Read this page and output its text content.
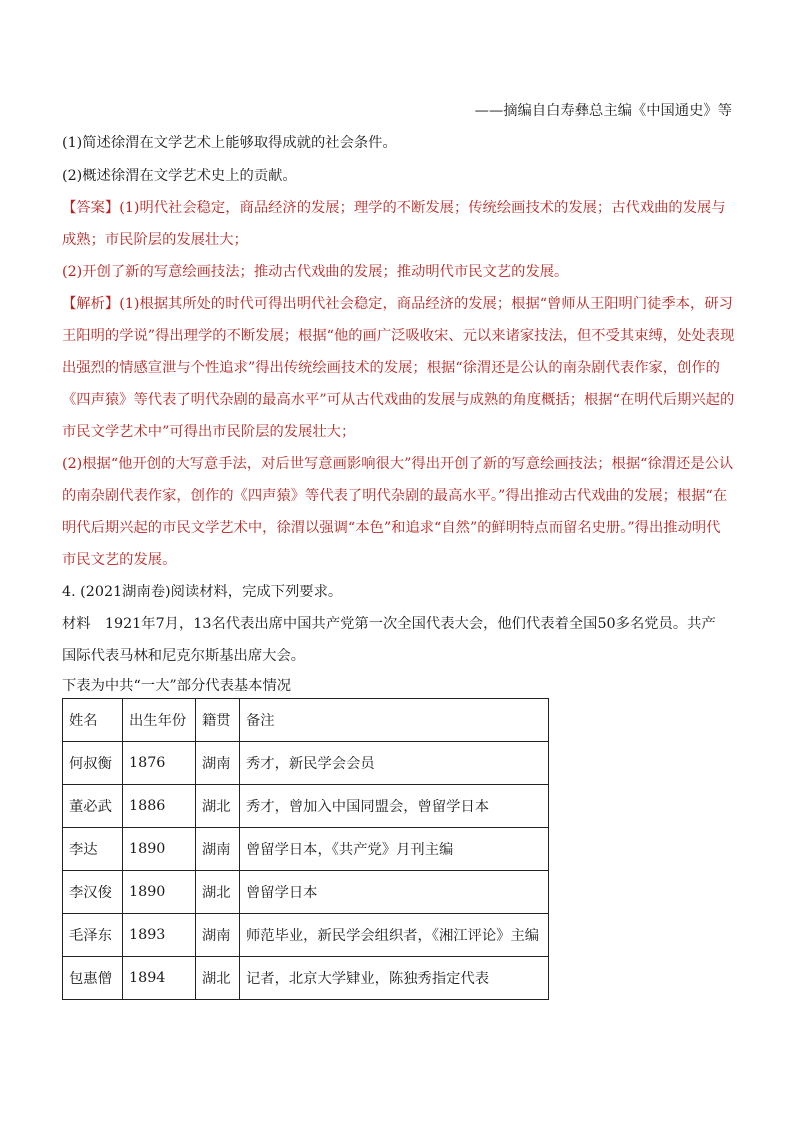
——摘编自白寿彝总主编《中国通史》等
(1)简述徐渭在文学艺术上能够取得成就的社会条件。
(2)概述徐渭在文学艺术史上的贡献。
【答案】(1)明代社会稳定，商品经济的发展；理学的不断发展；传统绘画技术的发展；古代戏曲的发展与
成熟；市民阶层的发展壮大；
(2)开创了新的写意绘画技法；推动古代戏曲的发展；推动明代市民文艺的发展。
【解析】(1)根据其所处的时代可得出明代社会稳定，商品经济的发展；根据“曾师从王阳明门徒季本，研习
王阳明的学说”得出理学的不断发展；根据“他的画广泛吸收宋、元以来诸家技法，但不受其束缚，处处表现
出强烈的情感宣泄与个性追求”得出传统绘画技术的发展；根据“徐渭还是公认的南杂剧代表作家，创作的
《四声猿》等代表了明代杂剧的最高水平”可从古代戏曲的发展与成熟的角度概括；根据“在明代后期兴起的
市民文学艺术中”可得出市民阶层的发展壮大；
(2)根据“他开创的大写意手法，对后世写意画影响很大”得出开创了新的写意绘画技法；根据“徐渭还是公认
的南杂剧代表作家，创作的《四声猿》等代表了明代杂剧的最高水平。”得出推动古代戏曲的发展；根据“在
明代后期兴起的市民文学艺术中，徐渭以强调“本色”和追求“自然”的鲜明特点而留名史册。”得出推动明代
市民文艺的发展。
4. (2021湖南卷)阅读材料，完成下列要求。
材料　1921年7月，13名代表出席中国共产党第一次全国代表大会，他们代表着全国50多名党员。共产
国际代表马林和尼克尔斯基出席大会。
下表为中共“一大”部分代表基本情况
姓名	出生年份	籍贯	备注
何叔衡	1876	湖南	秀才，新民学会会员
董必武	1886	湖北	秀才，曾加入中国同盟会，曾留学日本
李达	1890	湖南	曾留学日本，《共产党》月刊主编
李汉俊	1890	湖北	曾留学日本
毛泽东	1893	湖南	师范毕业，新民学会组织者，《湘江评论》主编
包惠僧	1894	湖北	记者，北京大学肄业，陈独秀指定代表
